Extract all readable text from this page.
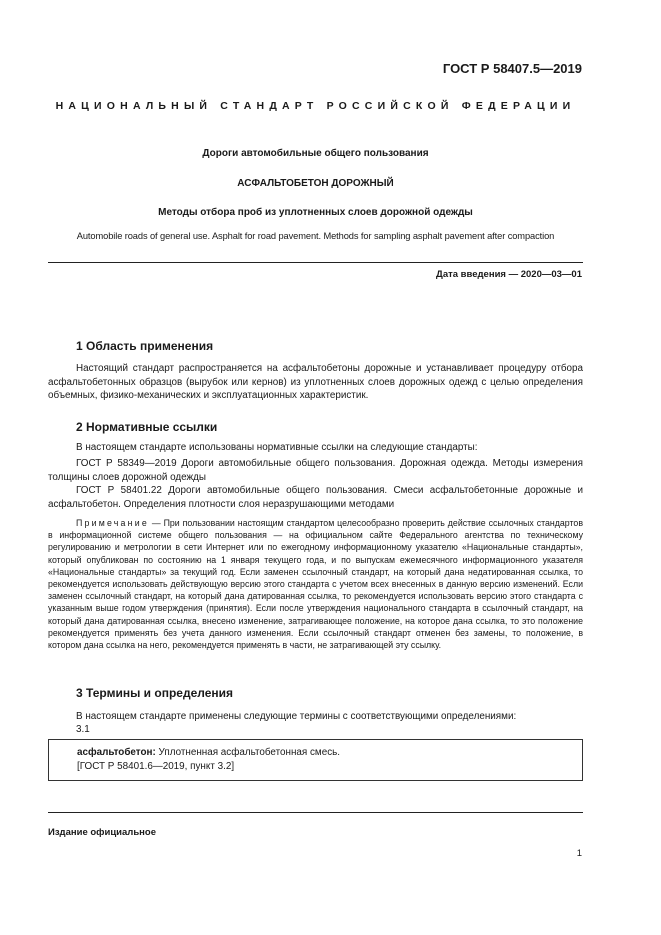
ГОСТ Р 58407.5—2019
НАЦИОНАЛЬНЫЙ СТАНДАРТ РОССИЙСКОЙ ФЕДЕРАЦИИ
Дороги автомобильные общего пользования
АСФАЛЬТОБЕТОН ДОРОЖНЫЙ
Методы отбора проб из уплотненных слоев дорожной одежды
Automobile roads of general use. Asphalt for road pavement. Methods for sampling asphalt pavement after compaction
Дата введения — 2020—03—01
1 Область применения
Настоящий стандарт распространяется на асфальтобетоны дорожные и устанавливает процедуру отбора асфальтобетонных образцов (вырубок или кернов) из уплотненных слоев дорожных одежд с целью определения объемных, физико-механических и эксплуатационных характеристик.
2 Нормативные ссылки
В настоящем стандарте использованы нормативные ссылки на следующие стандарты:
ГОСТ Р 58349—2019 Дороги автомобильные общего пользования. Дорожная одежда. Методы измерения толщины слоев дорожной одежды
ГОСТ Р 58401.22 Дороги автомобильные общего пользования. Смеси асфальтобетонные дорожные и асфальтобетон. Определения плотности слоя неразрушающими методами
Примечание — При пользовании настоящим стандартом целесообразно проверить действие ссылочных стандартов в информационной системе общего пользования — на официальном сайте Федерального агентства по техническому регулированию и метрологии в сети Интернет или по ежегодному информационному указателю «Национальные стандарты», который опубликован по состоянию на 1 января текущего года, и по выпускам ежемесячного информационного указателя «Национальные стандарты» за текущий год. Если заменен ссылочный стандарт, на который дана недатированная ссылка, то рекомендуется использовать действующую версию этого стандарта с учетом всех внесенных в данную версию изменений. Если заменен ссылочный стандарт, на который дана датированная ссылка, то рекомендуется использовать версию этого стандарта с указанным выше годом утверждения (принятия). Если после утверждения национального стандарта в ссылочный стандарт, на который дана датированная ссылка, внесено изменение, затрагивающее положение, на которое дана ссылка, то это положение рекомендуется применять без учета данного изменения. Если ссылочный стандарт отменен без замены, то положение, в котором дана ссылка на него, рекомендуется применять в части, не затрагивающей эту ссылку.
3 Термины и определения
В настоящем стандарте применены следующие термины с соответствующими определениями:
3.1
асфальтобетон: Уплотненная асфальтобетонная смесь.
[ГОСТ Р 58401.6—2019, пункт 3.2]
Издание официальное
1
